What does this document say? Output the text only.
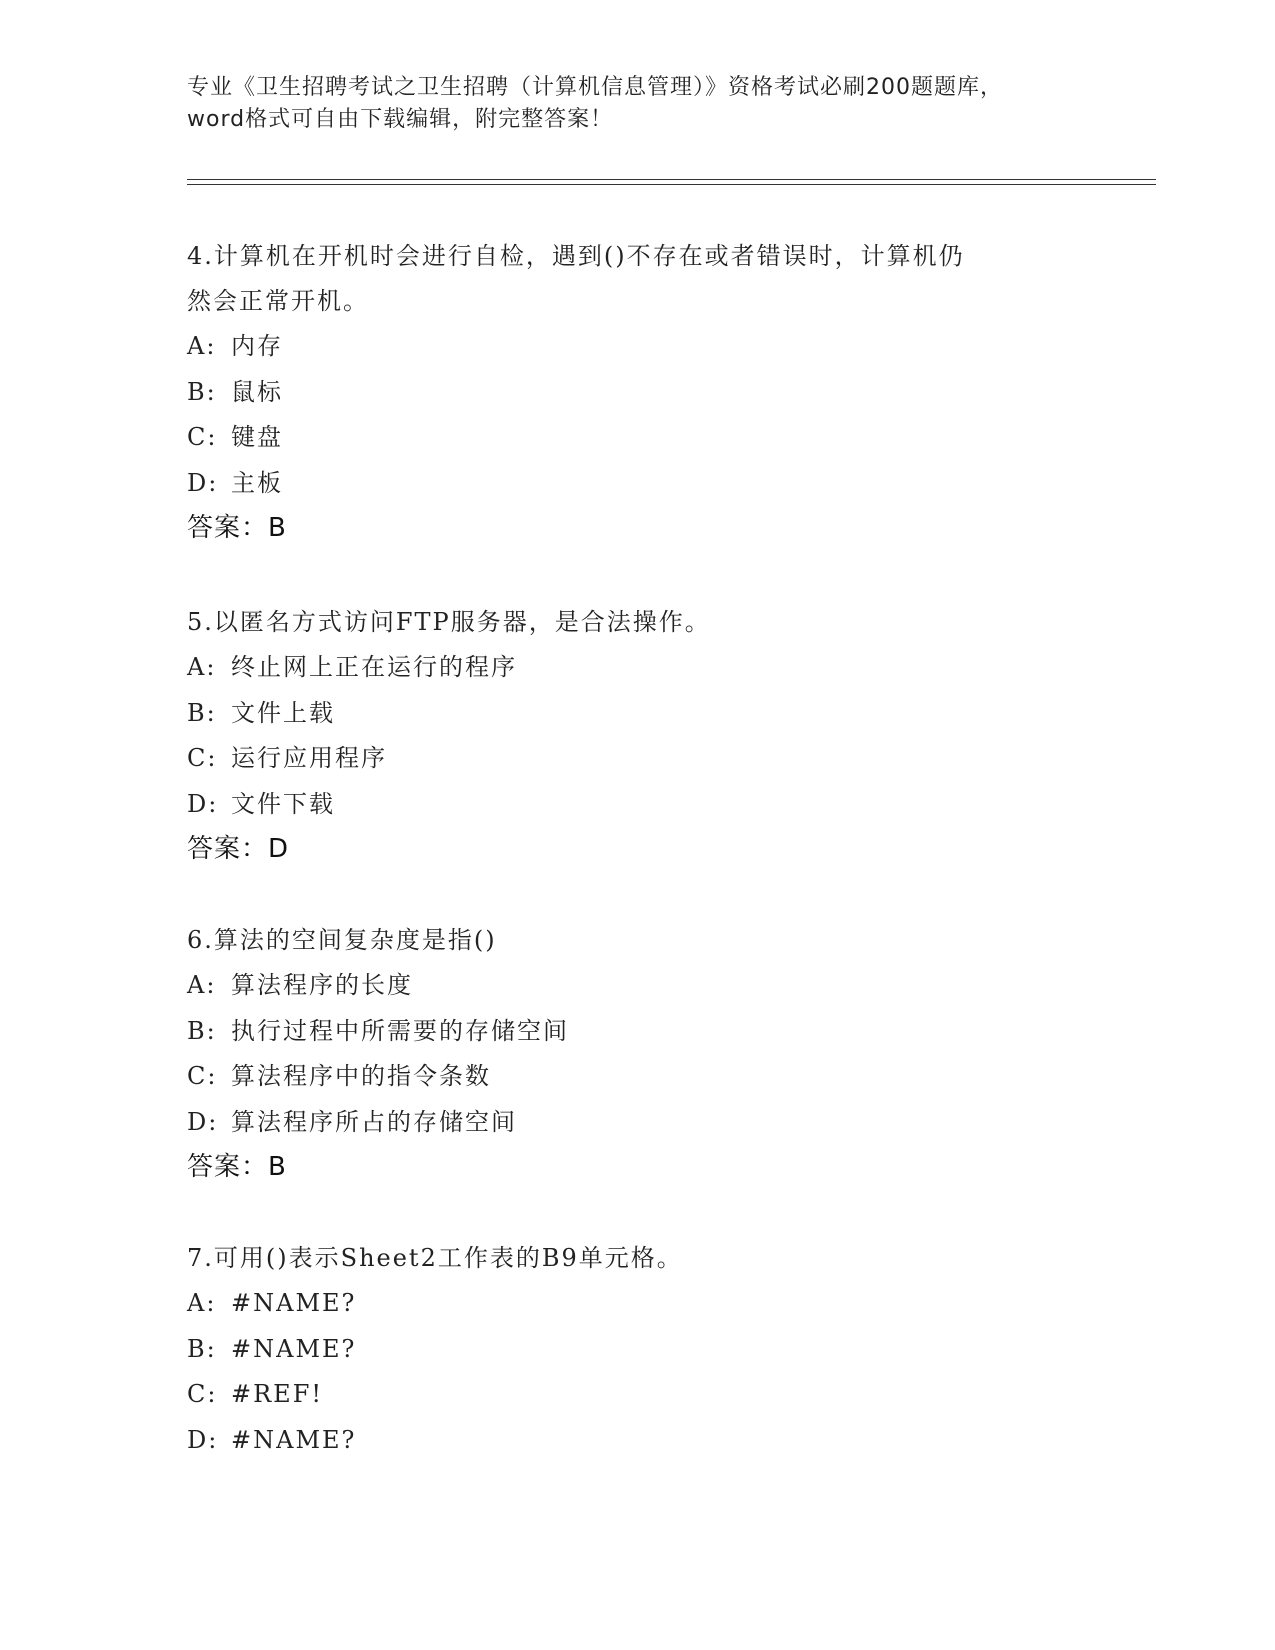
专业《卫生招聘考试之卫生招聘（计算机信息管理）》资格考试必刷200题题库，
word格式可自由下载编辑，附完整答案！
4.计算机在开机时会进行自检，遇到()不存在或者错误时，计算机仍
然会正常开机。
A: 内存
B: 鼠标
C: 键盘
D: 主板
答案：B
5.以匿名方式访问FTP服务器，是合法操作。
A: 终止网上正在运行的程序
B: 文件上载
C: 运行应用程序
D: 文件下载
答案：D
6.算法的空间复杂度是指()
A: 算法程序的长度
B: 执行过程中所需要的存储空间
C: 算法程序中的指令条数
D: 算法程序所占的存储空间
答案：B
7.可用()表示Sheet2工作表的B9单元格。
A: #NAME?
B: #NAME?
C: #REF!
D: #NAME?
